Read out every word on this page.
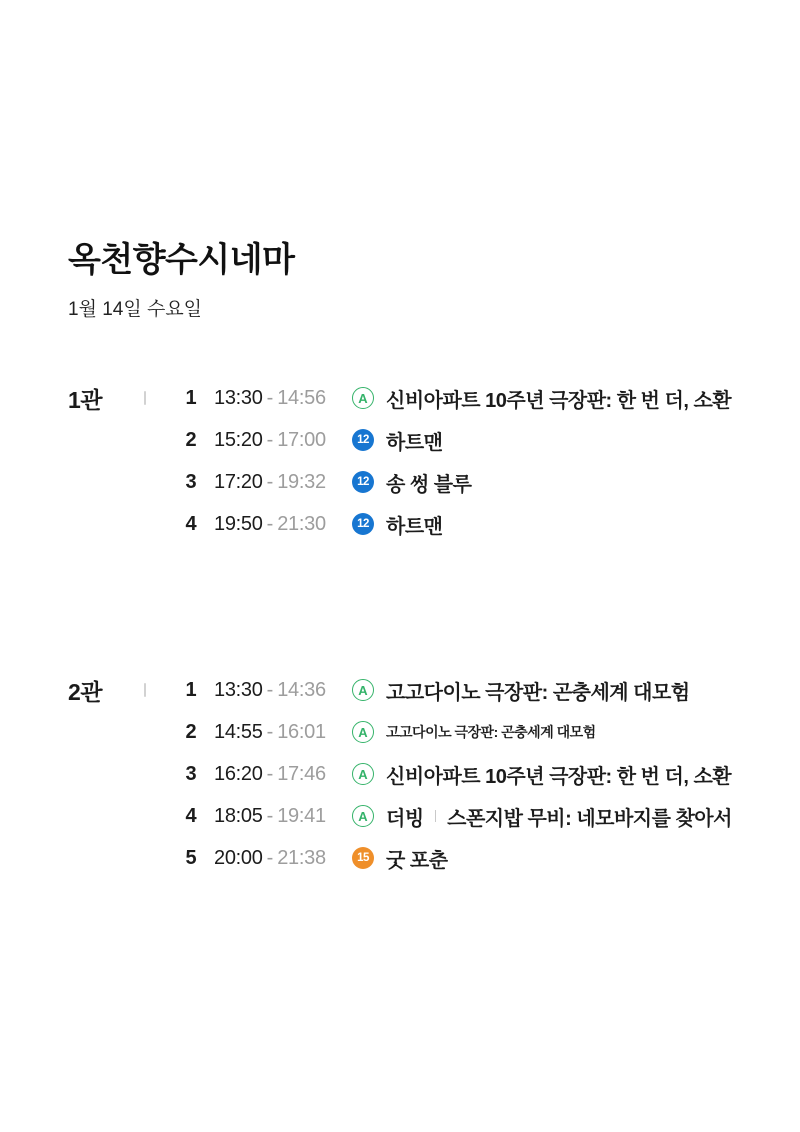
옥천향수시네마
1월 14일 수요일
1관	1 13:30 - 14:56	A 신비아파트 10주년 극장판: 한 번 더, 소환
2 15:20 - 17:00	12 하트맨
3 17:20 - 19:32	12 송 썽 블루
4 19:50 - 21:30	12 하트맨
2관	1 13:30 - 14:36	A 고고다이노 극장판: 곤충세계 대모험
2 14:55 - 16:01	A	고고다이노 극장판: 곤충세계 대모험
3 16:20 - 17:46	A 신비아파트 10주년 극장판: 한 번 더, 소환
4 18:05 - 19:41	A 더빙 스폰지밥 무비: 네모바지를 찾아서
5 20:00 - 21:38	15 굿 포춘
